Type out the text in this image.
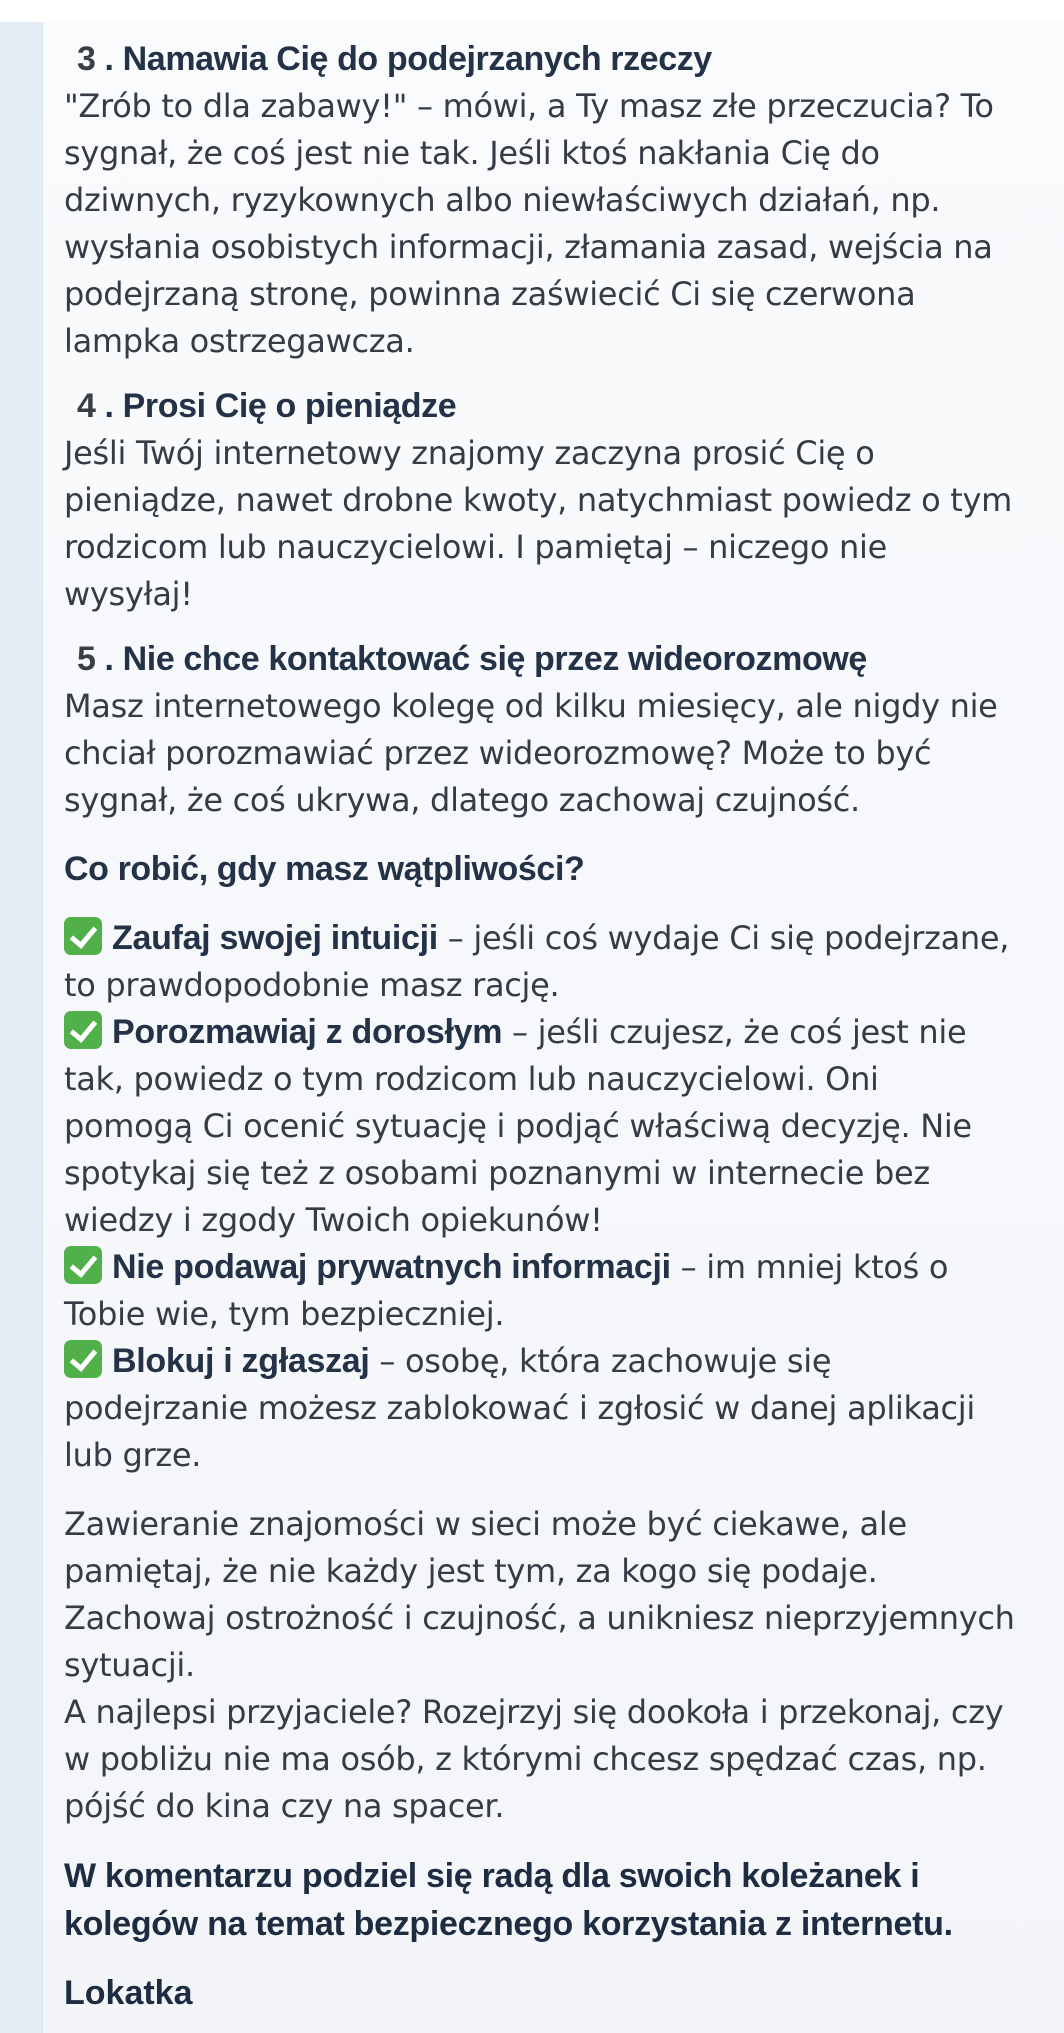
3 . Namawia Cię do podejrzanych rzeczy

"Zrób to dla zabawy!" – mówi, a Ty masz złe przeczucia? To

sygnał, że coś jest nie tak. Jeśli ktoś nakłania Cię do

dziwnych, ryzykownych albo niewłaściwych działań, np.

wysłania osobistych informacji, złamania zasad, wejścia na

podejrzaną stronę, powinna zaświecić Ci się czerwona

lampka ostrzegawcza.

4 . Prosi Cię o pieniądze

Jeśli Twój internetowy znajomy zaczyna prosić Cię o

pieniądze, nawet drobne kwoty, natychmiast powiedz o tym

rodzicom lub nauczycielowi. I pamiętaj – niczego nie

wysyłaj!

5 . Nie chce kontaktować się przez wideorozmowę

Masz internetowego kolegę od kilku miesięcy, ale nigdy nie

chciał porozmawiać przez wideorozmowę? Może to być

sygnał, że coś ukrywa, dlatego zachowaj czujność.

Co robić, gdy masz wątpliwości?

Zaufaj swojej intuicji – jeśli coś wydaje Ci się podejrzane,

to prawdopodobnie masz rację.

Porozmawiaj z dorosłym – jeśli czujesz, że coś jest nie

tak, powiedz o tym rodzicom lub nauczycielowi. Oni

pomogą Ci ocenić sytuację i podjąć właściwą decyzję. Nie

spotykaj się też z osobami poznanymi w internecie bez

wiedzy i zgody Twoich opiekunów!

Nie podawaj prywatnych informacji – im mniej ktoś o

Tobie wie, tym bezpieczniej.

Blokuj i zgłaszaj – osobę, która zachowuje się

podejrzanie możesz zablokować i zgłosić w danej aplikacji

lub grze.

Zawieranie znajomości w sieci może być ciekawe, ale

pamiętaj, że nie każdy jest tym, za kogo się podaje.

Zachowaj ostrożność i czujność, a unikniesz nieprzyjemnych

sytuacji.

A najlepsi przyjaciele? Rozejrzyj się dookoła i przekonaj, czy

w pobliżu nie ma osób, z którymi chcesz spędzać czas, np.

pójść do kina czy na spacer.

W komentarzu podziel się radą dla swoich koleżanek i

kolegów na temat bezpiecznego korzystania z internetu.

Lokatka
